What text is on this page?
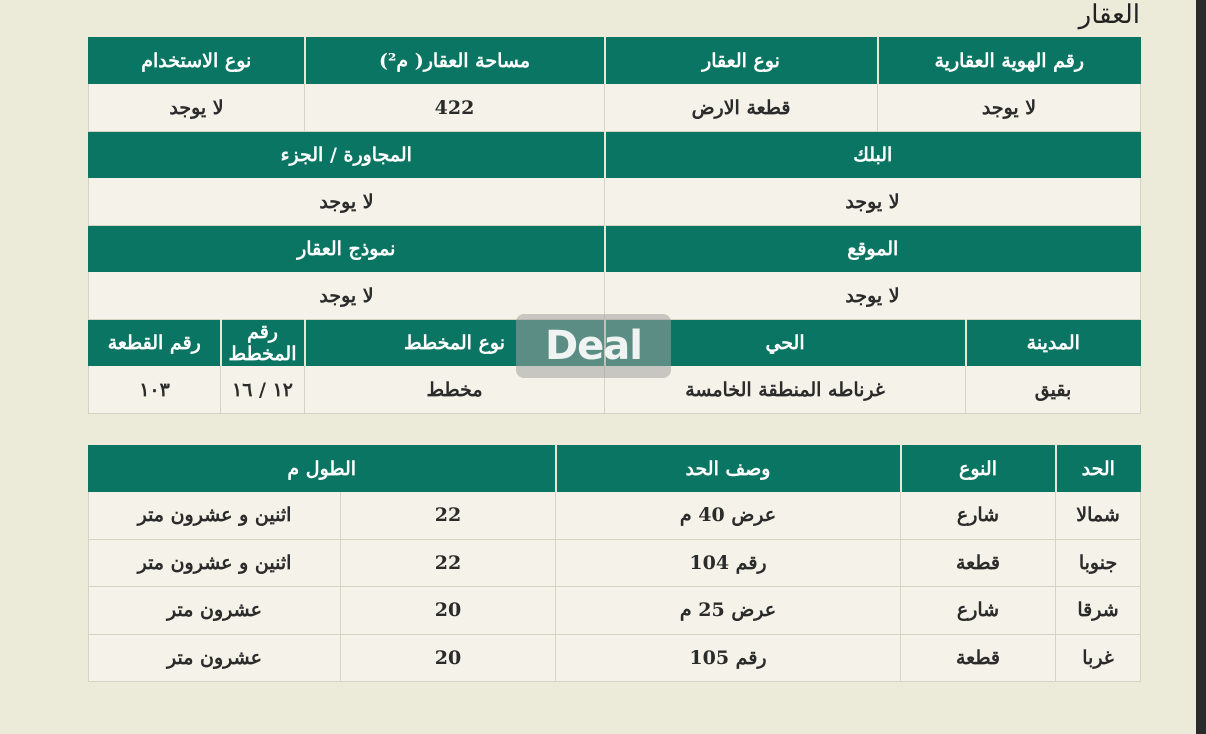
العقار
رقم الهوية العقارية		نوع العقار	مساحة العقار( م²)	نوع الاستخدام	
لا يوجد		قطعة الارض	422	لا يوجد	
البلك			المجاورة / الجزء		
لا يوجد			لا يوجد		
الموقع			نموذج العقار		
لا يوجد			لا يوجد		
المدينة	الحي		نوع المخطط	رقم المخطط	رقم القطعة
بقيق	غرناطه المنطقة الخامسة		مخطط	١٢ / ١٦	١٠٣
الحد	النوع	وصف الحد	الطول م	
شمالا	شارع	عرض 40 م	22	اثنين و عشرون متر
جنوبا	قطعة	رقم 104	22	اثنين و عشرون متر
شرقا	شارع	عرض 25 م	20	عشرون متر
غربا	قطعة	رقم 105	20	عشرون متر
Deal
